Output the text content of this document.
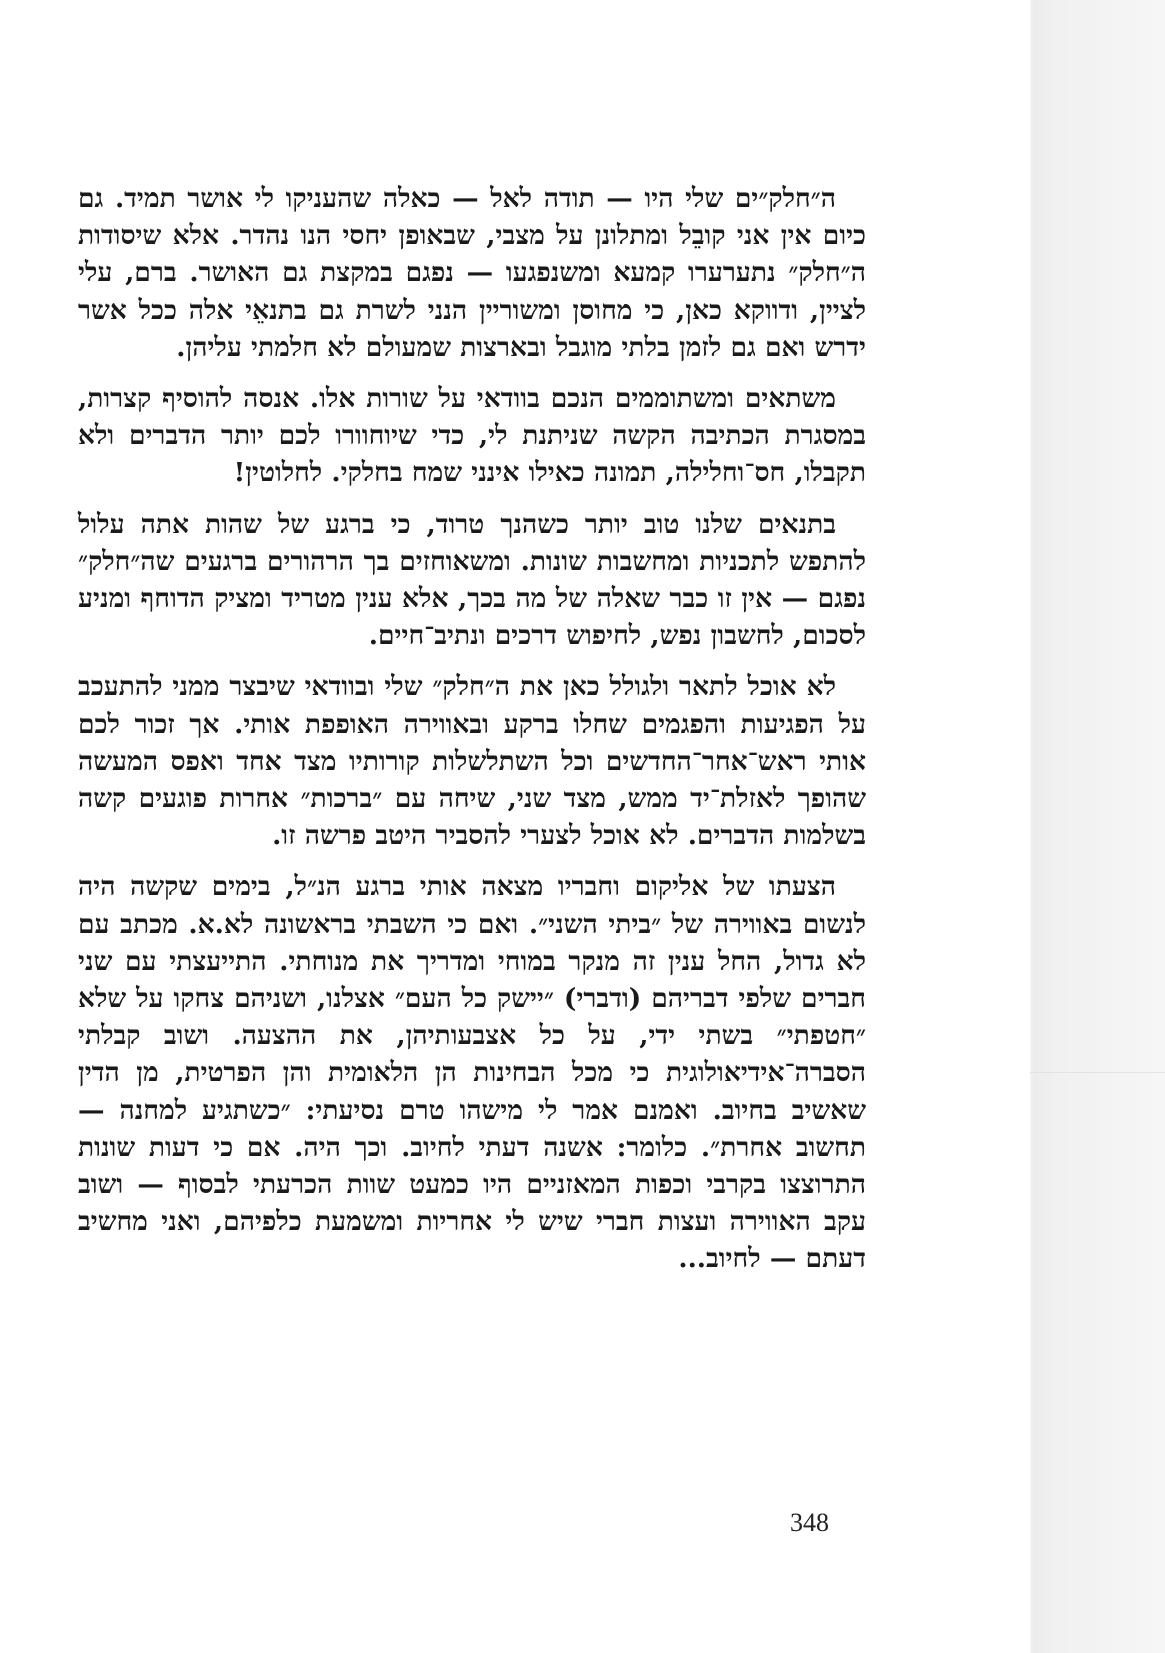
ה״חלק״ים שלי היו — תודה לאל — כאלה שהעניקו לי אושר תמיד. גם כיום אין אני קובֵל ומתלונן על מצבי, שבאופן יחסי הנו נהדר. אלא שיסודות ה״חלק״ נתערערו קמעא ומשנפגעו — נפגם במקצת גם האושר. ברם, עלי לציין, ודווקא כאן, כי מחוסן ומשוריין הנני לשרת גם בתנאֵי אלה ככל אשר ידרש ואם גם לזמן בלתי מוגבל ובארצות שמעולם לא חלמתי עליהן.

משתאים ומשתוממים הנכם בוודאי על שורות אלו. אנסה להוסיף קצרות, במסגרת הכתיבה הקשה שניתנת לי, כדי שיוחוורו לכם יותר הדברים ולא תקבלו, חס־וחלילה, תמונה כאילו אינני שמח בחלקי. לחלוטין!

בתנאים שלנו טוב יותר כשהנך טרוד, כי ברגע של שהות אתה עלול להתפש לתכניות ומחשבות שונות. ומשאוחזים בך הרהורים ברגעים שה״חלק״ נפגם — אין זו כבר שאלה של מה בכך, אלא ענין מטריד ומציק הדוחף ומניע לסכום, לחשבון נפש, לחיפוש דרכים ונתיב־חיים.

לא אוכל לתאר ולגולל כאן את ה״חלק״ שלי ובוודאי שיבצר ממני להתעכב על הפגיעות והפגמים שחלו ברקע ובאווירה האופפת אותי. אך זכור לכם אותי ראש־אחר־החדשים וכל השתלשלות קורותיו מצד אחד ואפס המעשה שהופך לאזלת־יד ממש, מצד שני, שיחה עם ״ברכות״ אחרות פוגעים קשה בשלמות הדברים. לא אוכל לצערי להסביר היטב פרשה זו.

הצעתו של אליקום וחבריו מצאה אותי ברגע הנ״ל, בימים שקשה היה לנשום באווירה של ״ביתי השני״. ואם כי השבתי בראשונה לא.א. מכתב עם לא גדול, החל ענין זה מנקר במוחי ומדריך את מנוחתי. התייעצתי עם שני חברים שלפי דבריהם (ודברי) ״יישק כל העם״ אצלנו, ושניהם צחקו על שלא ״חטפתי״ בשתי ידי, על כל אצבעותיהן, את ההצעה. ושוב קבלתי הסברה־אידיאולוגית כי מכל הבחינות הן הלאומית והן הפרטית, מן הדין שאשיב בחיוב. ואמנם אמר לי מישהו טרם נסיעתי: ״כשתגיע למחנה — תחשוב אחרת״. כלומר: אשנה דעתי לחיוב. וכך היה. אם כי דעות שונות התרוצצו בקרבי וכפות המאזניים היו כמעט שוות הכרעתי לבסוף — ושוב עקב האווירה ועצות חברי שיש לי אחריות ומשמעת כלפיהם, ואני מחשיב דעתם — לחיוב...

348
